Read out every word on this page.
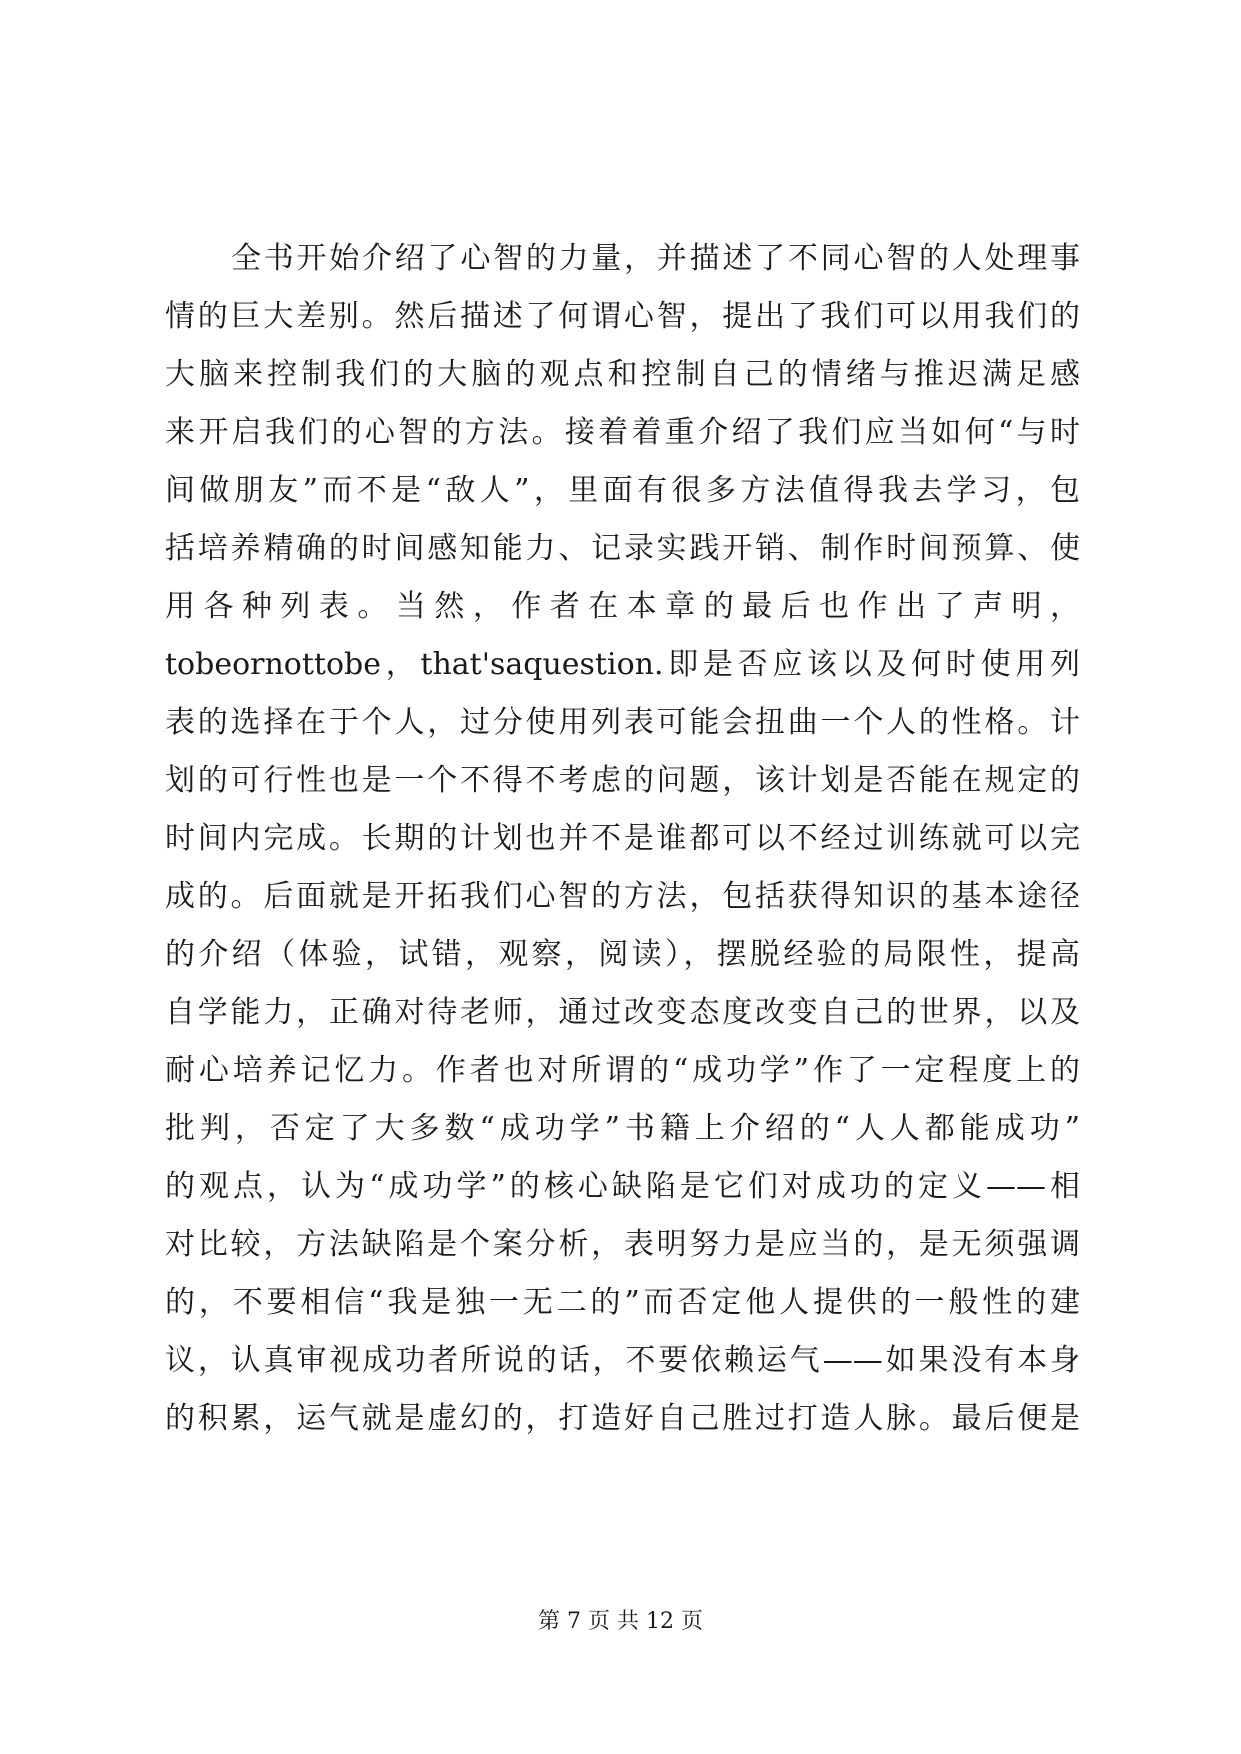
全书开始介绍了心智的力量，并描述了不同心智的人处理事
情的巨大差别。然后描述了何谓心智，提出了我们可以用我们的
大脑来控制我们的大脑的观点和控制自己的情绪与推迟满足感
来开启我们的心智的方法。接着着重介绍了我们应当如何“与时
间做朋友”而不是“敌人”，里面有很多方法值得我去学习，包
括培养精确的时间感知能力、记录实践开销、制作时间预算、使
用各种列表。当然，作者在本章的最后也作出了声明，
tobeornottobe，that'saquestion.即是否应该以及何时使用列
表的选择在于个人，过分使用列表可能会扭曲一个人的性格。计
划的可行性也是一个不得不考虑的问题，该计划是否能在规定的
时间内完成。长期的计划也并不是谁都可以不经过训练就可以完
成的。后面就是开拓我们心智的方法，包括获得知识的基本途径
的介绍（体验，试错，观察，阅读），摆脱经验的局限性，提高
自学能力，正确对待老师，通过改变态度改变自己的世界，以及
耐心培养记忆力。作者也对所谓的“成功学”作了一定程度上的
批判，否定了大多数“成功学”书籍上介绍的“人人都能成功”
的观点，认为“成功学”的核心缺陷是它们对成功的定义——相
对比较，方法缺陷是个案分析，表明努力是应当的，是无须强调
的，不要相信“我是独一无二的”而否定他人提供的一般性的建
议，认真审视成功者所说的话，不要依赖运气——如果没有本身
的积累，运气就是虚幻的，打造好自己胜过打造人脉。最后便是
第 7 页 共 12 页
